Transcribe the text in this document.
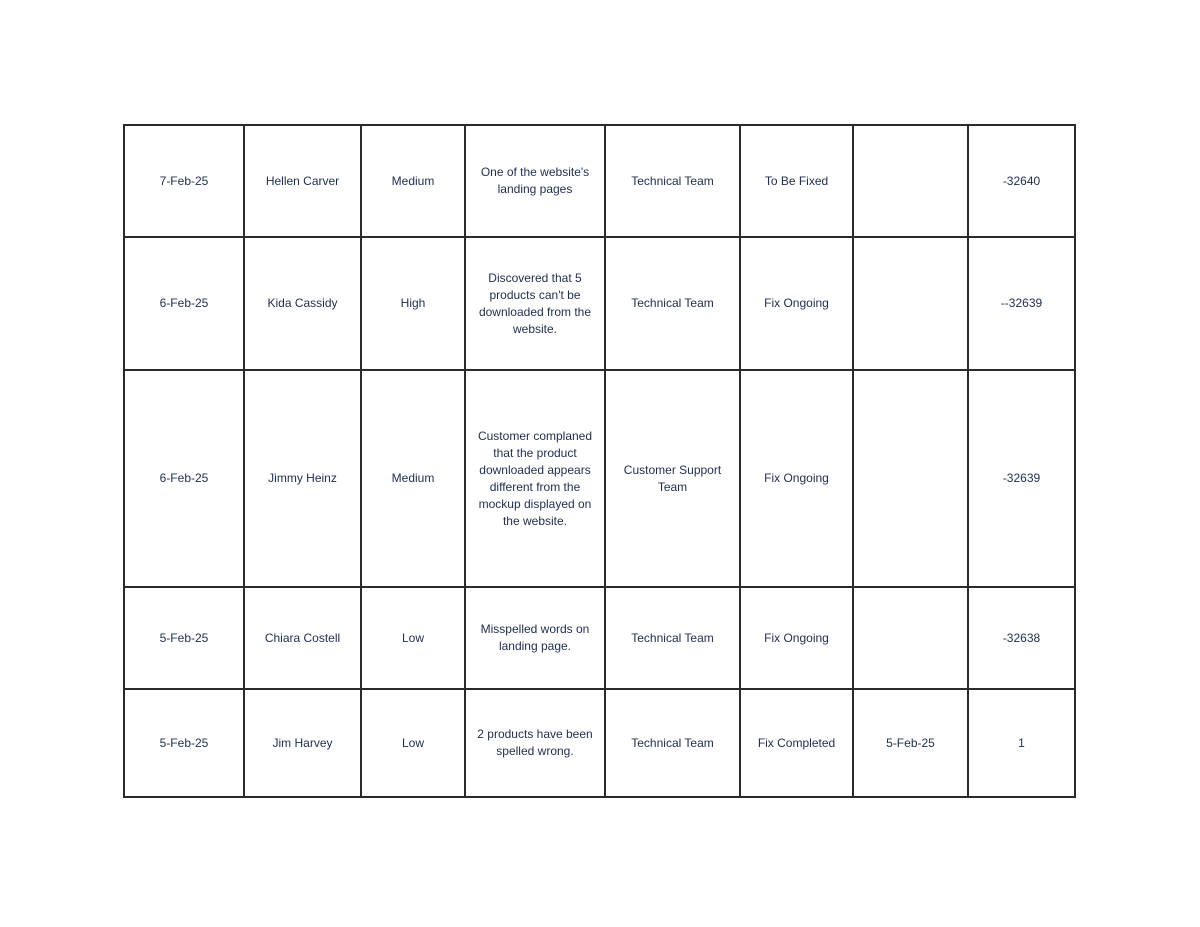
7-Feb-25	Hellen Carver	Medium	One of the website's landing pages	Technical Team	To Be Fixed		-32640
6-Feb-25	Kida Cassidy	High	Discovered that 5 products can't be downloaded from the website.	Technical Team	Fix Ongoing		--32639
6-Feb-25	Jimmy Heinz	Medium	Customer complaned that the product downloaded appears different from the mockup displayed on the website.	Customer Support Team	Fix Ongoing		-32639
5-Feb-25	Chiara Costell	Low	Misspelled words on landing page.	Technical Team	Fix Ongoing		-32638
5-Feb-25	Jim Harvey	Low	2 products have been spelled wrong.	Technical Team	Fix Completed	5-Feb-25	1
